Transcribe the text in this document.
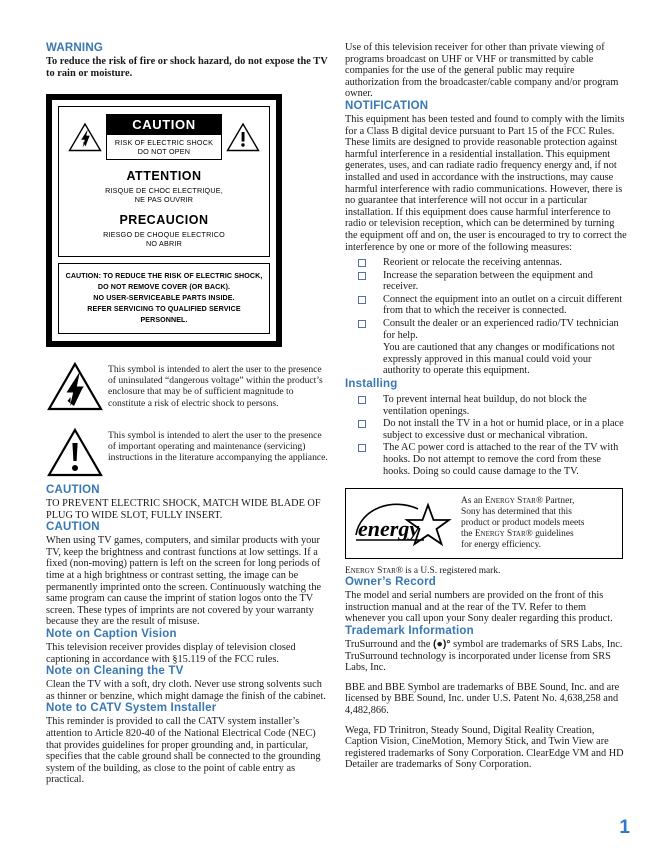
WARNING

To reduce the risk of fire or shock hazard, do not expose the TV to rain or moisture.

CAUTION
RISK OF ELECTRIC SHOCK
DO NOT OPEN
ATTENTION
RISQUE DE CHOC ELECTRIQUE,
NE PAS OUVRIR
PRECAUCION
RIESGO DE CHOQUE ELECTRICO
NO ABRIR
CAUTION: TO REDUCE THE RISK OF ELECTRIC SHOCK,
DO NOT REMOVE COVER (OR BACK).
NO USER-SERVICEABLE PARTS INSIDE.
REFER SERVICING TO QUALIFIED SERVICE PERSONNEL.
This symbol is intended to alert the user to the presence of uninsulated “dangerous voltage” within the product’s enclosure that may be of sufficient magnitude to constitute a risk of electric shock to persons.
This symbol is intended to alert the user to the presence of important operating and maintenance (servicing) instructions in the literature accompanying the appliance.
CAUTION

TO PREVENT ELECTRIC SHOCK, MATCH WIDE BLADE OF PLUG TO WIDE SLOT, FULLY INSERT.

CAUTION

When using TV games, computers, and similar products with your TV, keep the brightness and contrast functions at low settings. If a fixed (non-moving) pattern is left on the screen for long periods of time at a high brightness or contrast setting, the image can be permanently imprinted onto the screen. Continuously watching the same program can cause the imprint of station logos onto the TV screen. These types of imprints are not covered by your warranty because they are the result of misuse.

Note on Caption Vision

This television receiver provides display of television closed captioning in accordance with §15.119 of the FCC rules.

Note on Cleaning the TV

Clean the TV with a soft, dry cloth. Never use strong solvents such as thinner or benzine, which might damage the finish of the cabinet.

Note to CATV System Installer

This reminder is provided to call the CATV system installer’s attention to Article 820-40 of the National Electrical Code (NEC) that provides guidelines for proper grounding and, in particular, specifies that the cable ground shall be connected to the grounding system of the building, as close to the point of cable entry as practical.

Use of this television receiver for other than private viewing of programs broadcast on UHF or VHF or transmitted by cable companies for the use of the general public may require authorization from the broadcaster/cable company and/or program owner.

NOTIFICATION

This equipment has been tested and found to comply with the limits for a Class B digital device pursuant to Part 15 of the FCC Rules. These limits are designed to provide reasonable protection against harmful interference in a residential installation. This equipment generates, uses, and can radiate radio frequency energy and, if not installed and used in accordance with the instructions, may cause harmful interference with radio communications. However, there is no guarantee that interference will not occur in a particular installation. If this equipment does cause harmful interference to radio or television reception, which can be determined by turning the equipment off and on, the user is encouraged to try to correct the interference by one or more of the following measures:

Reorient or relocate the receiving antennas.
Increase the separation between the equipment and receiver.
Connect the equipment into an outlet on a circuit different from that to which the receiver is connected.
Consult the dealer or an experienced radio/TV technician for help.
You are cautioned that any changes or modifications not expressly approved in this manual could void your authority to operate this equipment.
Installing
To prevent internal heat buildup, do not block the ventilation openings.
Do not install the TV in a hot or humid place, or in a place subject to excessive dust or mechanical vibration.
The AC power cord is attached to the rear of the TV with hooks. Do not attempt to remove the cord from these hooks. Doing so could cause damage to the TV.
energy
As an Energy Star® Partner,
Sony has determined that this
product or product models meets
the Energy Star® guidelines
for energy efficiency.
Energy Star® is a U.S. registered mark.
Owner’s Record

The model and serial numbers are provided on the front of this instruction manual and at the rear of the TV. Refer to them whenever you call upon your Sony dealer regarding this product.

Trademark Information

TruSurround and the (●)° symbol are trademarks of SRS Labs, Inc. TruSurround technology is incorporated under license from SRS Labs, Inc.

BBE and BBE Symbol are trademarks of BBE Sound, Inc. and are licensed by BBE Sound, Inc. under U.S. Patent No. 4,638,258 and 4,482,866.

Wega, FD Trinitron, Steady Sound, Digital Reality Creation, Caption Vision, CineMotion, Memory Stick, and Twin View are registered trademarks of Sony Corporation. ClearEdge VM and HD Detailer are trademarks of Sony Corporation.

1
